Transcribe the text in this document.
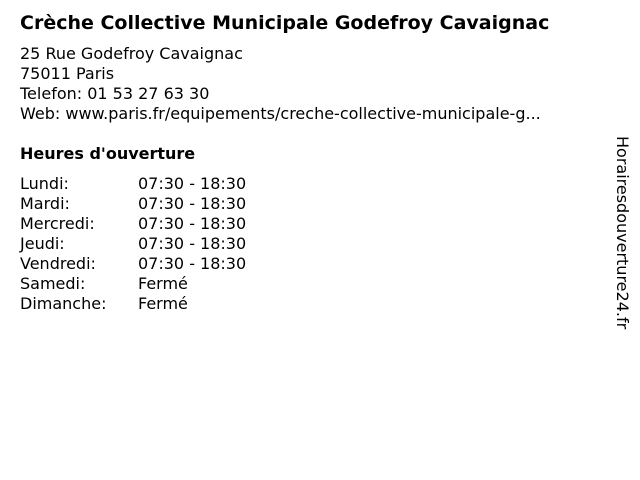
Crèche Collective Municipale Godefroy Cavaignac
25 Rue Godefroy Cavaignac
75011 Paris
Telefon: 01 53 27 63 30
Web: www.paris.fr/equipements/creche-collective-municipale-g...
Heures d'ouverture
Lundi:	07:30 - 18:30
Mardi:	07:30 - 18:30
Mercredi:	07:30 - 18:30
Jeudi:	07:30 - 18:30
Vendredi:	07:30 - 18:30
Samedi:	Fermé
Dimanche:	Fermé	Horairesdouverture24.fr
